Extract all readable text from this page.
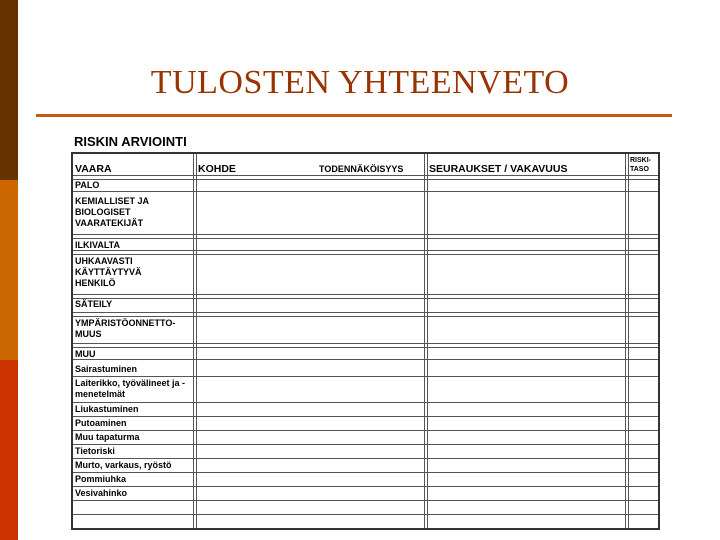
TULOSTEN YHTEENVETO
RISKIN ARVIOINTI
VAARA	KOHDE	TODENNÄKÖISYYS SEURAUKSET / VAKAVUUS
RISKI-
TASO
PALO
KEMIALLISET JA BIOLOGISET VAARATEKIJÄT
ILKIVALTA
UHKAAVASTI KÄYTTÄYTYVÄ HENKILÖ
SÄTEILY
YMPÄRISTÖONNETTO-MUUS
MUU
Sairastuminen
Laiterikko, työvälineet ja -menetelmät
Liukastuminen
Putoaminen
Muu tapaturma
Tietoriski
Murto, varkaus, ryöstö
Pommiuhka
Vesivahinko
